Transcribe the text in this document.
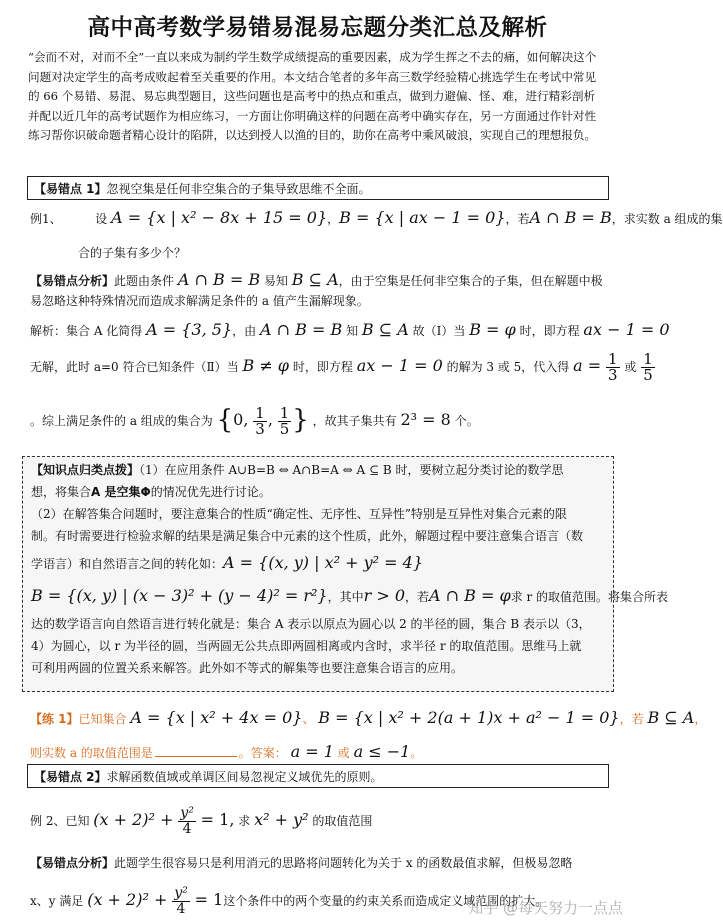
高中高考数学易错易混易忘题分类汇总及解析
“会而不对，对而不全”一直以来成为制约学生数学成绩提高的重要因素，成为学生挥之不去的痛，如何解决这个问题对决定学生的高考成败起着至关重要的作用。本文结合笔者的多年高三数学经验精心挑选学生在考试中常见的 66 个易错、易混、易忘典型题目，这些问题也是高考中的热点和重点，做到力避偏、怪、难，进行精彩剖析并配以近几年的高考试题作为相应练习，一方面让你明确这样的问题在高考中确实存在，另一方面通过作针对性练习帮你识破命题者精心设计的陷阱，以达到授人以渔的目的，助你在高考中乘风破浪，实现自己的理想报负。
【易错点 1】忽视空集是任何非空集合的子集导致思维不全面。
例1、	设 A = {x | x² − 8x + 15 = 0}，B = {x | ax − 1 = 0}，若A ∩ B = B，求实数 a 组成的集
合的子集有多少个？
【易错点分析】此题由条件 A ∩ B = B 易知 B ⊆ A，由于空集是任何非空集合的子集，但在解题中极
易忽略这种特殊情况而造成求解满足条件的 a 值产生漏解现象。
解析：集合 A 化简得 A = {3, 5}，由 A ∩ B = B 知 B ⊆ A 故（Ⅰ）当 B = φ 时，即方程 ax − 1 = 0
无解，此时 a=0 符合已知条件（Ⅱ）当 B ≠ φ 时，即方程 ax − 1 = 0 的解为 3 或 5，代入得 $a = \frac{1}{3}$ 或 $\frac{1}{5}$
。综上满足条件的 a 组成的集合为 {0, $\frac{1}{3}$ , $\frac{1}{5}$ } ，故其子集共有 2³ = 8 个。
【知识点归类点拨】（1）在应用条件 A∪B=B ⇔ A∩B=A ⇔ A ⊆ B 时，要树立起分类讨论的数学思
想，将集合A 是空集Φ的情况优先进行讨论。
（2）在解答集合问题时，要注意集合的性质“确定性、无序性、互异性”特别是互异性对集合元素的限
制。有时需要进行检验求解的结果是满足集合中元素的这个性质，此外，解题过程中要注意集合语言（数
学语言）和自然语言之间的转化如：A = {(x, y) | x² + y² = 4}
B = {(x, y) | (x − 3)² + (y − 4)² = r²}，其中r > 0，若A ∩ B = φ求 r 的取值范围。将集合所表
达的数学语言向自然语言进行转化就是：集合 A 表示以原点为圆心以 2 的半径的圆，集合 B 表示以（3，
4）为圆心，以 r 为半径的圆，当两圆无公共点即两圆相离或内含时，求半径 r 的取值范围。思维马上就
可利用两圆的位置关系来解答。此外如不等式的解集等也要注意集合语言的应用。
【练 1】已知集合 A = {x | x² + 4x = 0}、 B = {x | x² + 2(a + 1)x + a² − 1 = 0}，若 B ⊆ A，
则实数 a 的取值范围是	。答案： a = 1 或 a ≤ −1。
【易错点 2】求解函数值域或单调区间易忽视定义域优先的原则。
例 2、已知 $(x + 2)^2 + \frac{\text{y²}}{4} = 1$, 求 x² + y² 的取值范围
【易错点分析】此题学生很容易只是利用消元的思路将问题转化为关于 x 的函数最值求解，但极易忽略
x、y 满足 $(x + 2)^2 + \frac{\text{y²}}{4} = 1$这个条件中的两个变量的约束关系而造成定义域范围的扩大。
知乎 @每天努力一点点
